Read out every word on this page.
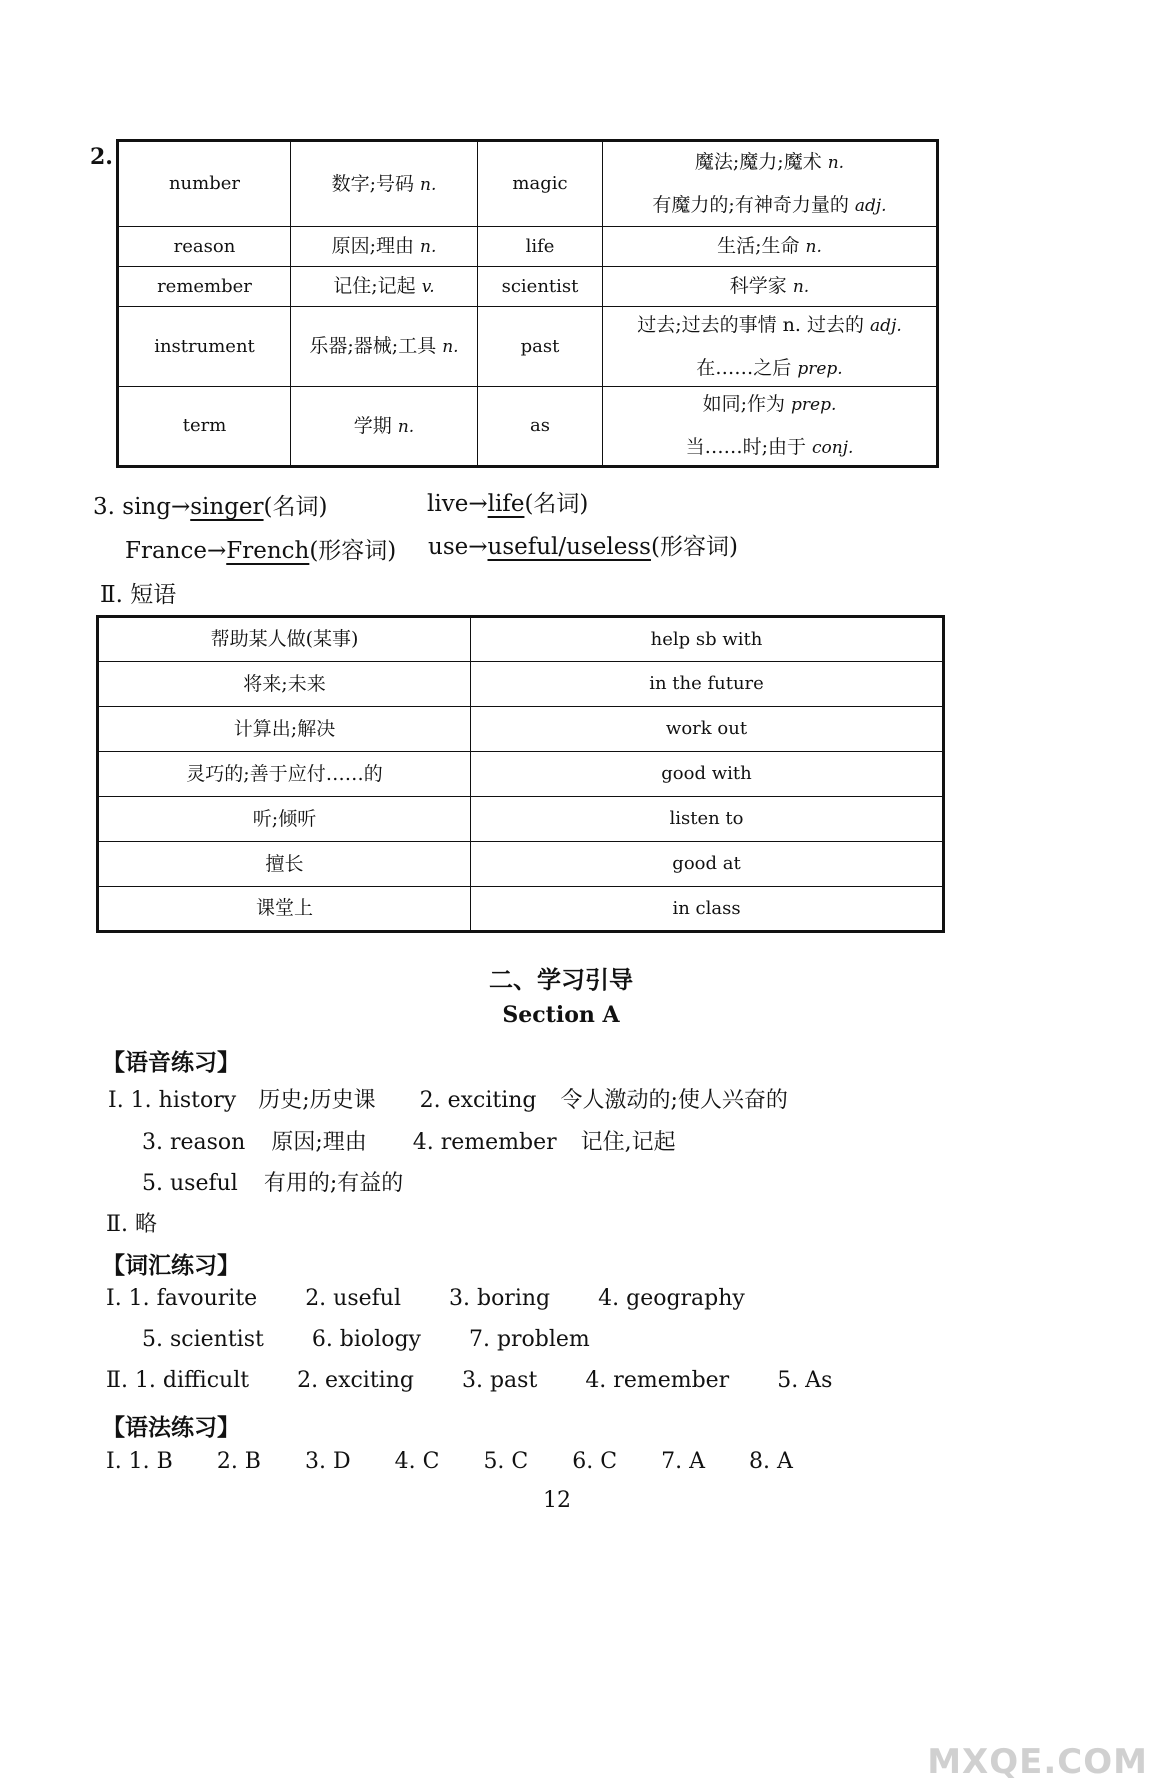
2.
number	数字;号码 n.	magic	魔法;魔力;魔术 n.
有魔力的;有神奇力量的 adj.

reason	原因;理由 n.	life	生活;生命 n.

remember	记住;记起 v.	scientist	科学家 n.

instrument	乐器;器械;工具 n.	past	过去;过去的事情 n. 过去的 adj.
在……之后 prep.

term	学期 n.	as	如同;作为 prep.
当……时;由于 conj.
3. sing→singer(名词)	live→life(名词)
France→French(形容词) use→useful/useless(形容词)
Ⅱ. 短语
帮助某人做(某事)	help sb with
将来;未来	in the future
计算出;解决	work out
灵巧的;善于应付……的	good with
听;倾听	listen to
擅长	good at
课堂上	in class
二、学习引导
Section A
【语音练习】
Ⅰ. 1. history 历史;历史课 2. exciting 令人激动的;使人兴奋的
3. reason 原因;理由 4. remember 记住,记起
5. useful 有用的;有益的
Ⅱ. 略
【词汇练习】
Ⅰ. 1. favourite 2. useful 3. boring 4. geography
5. scientist 6. biology 7. problem
Ⅱ. 1. difficult 2. exciting 3. past 4. remember 5. As
【语法练习】
Ⅰ. 1. B 2. B 3. D 4. C 5. C 6. C 7. A 8. A
12
MXQE.COM
